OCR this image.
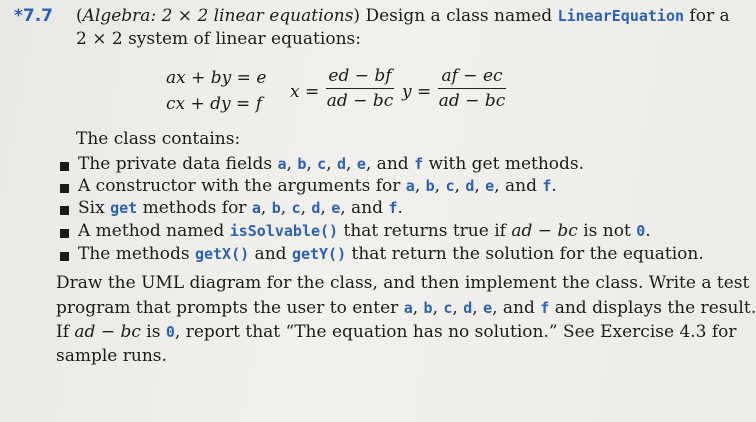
*7.7 (Algebra: 2 × 2 linear equations) Design a class named LinearEquation for a
2 × 2 system of linear equations:
ax + by = e
cx + dy = f
x =
ed − bf
ad − bc y =
af − ec
ad − bc
The class contains:
The private data fields a, b, c, d, e, and f with get methods.
A constructor with the arguments for a, b, c, d, e, and f.
Six get methods for a, b, c, d, e, and f.
A method named isSolvable() that returns true if ad − bc is not 0.
The methods getX() and getY() that return the solution for the equation.
Draw the UML diagram for the class, and then implement the class. Write a test
program that prompts the user to enter a, b, c, d, e, and f and displays the result.
If ad − bc is 0, report that “The equation has no solution.” See Exercise 4.3 for
sample runs.
